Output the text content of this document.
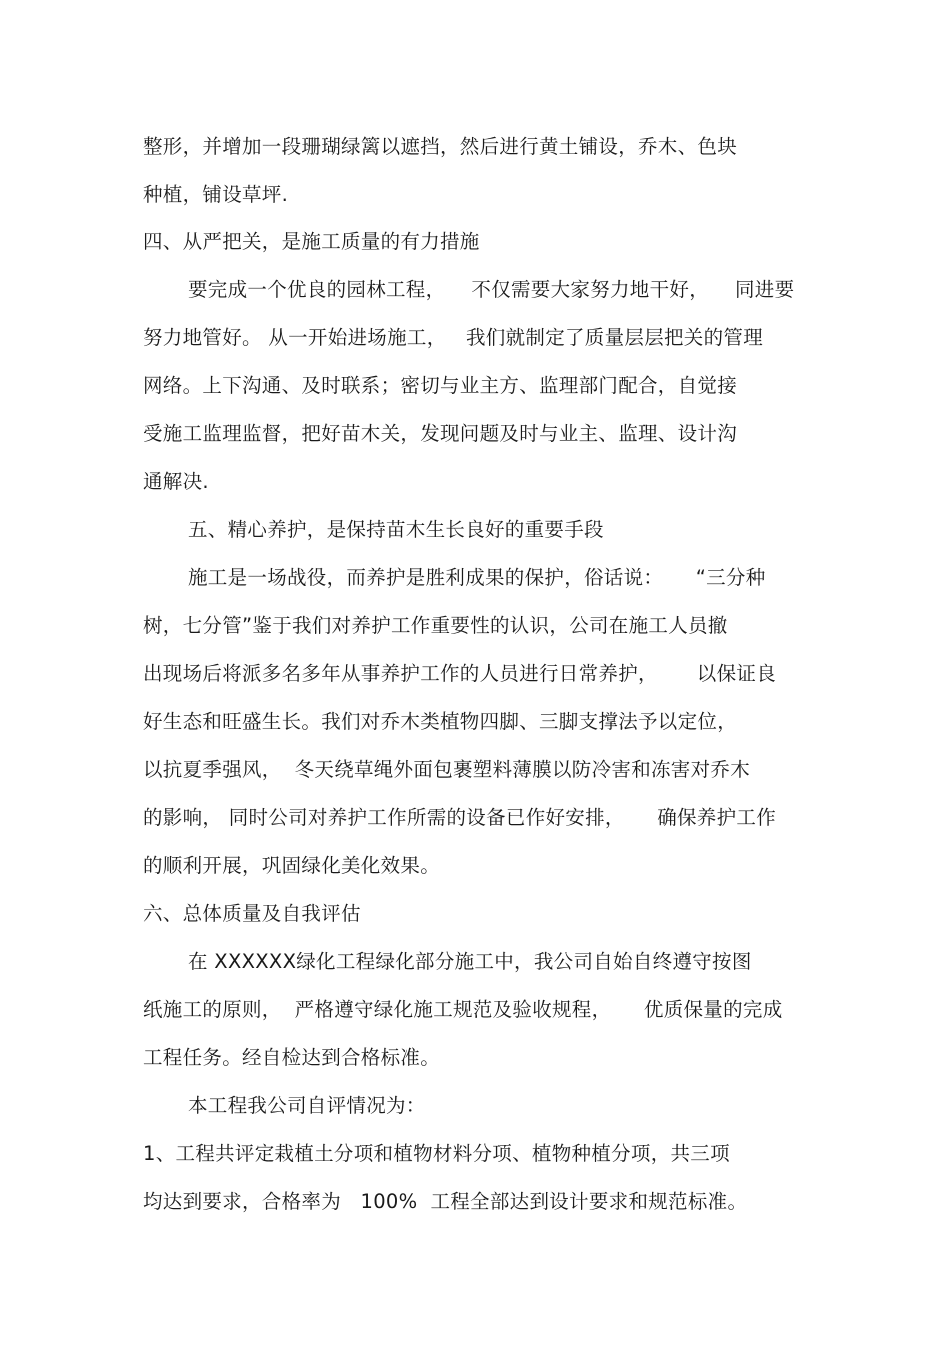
整形，并增加一段珊瑚绿篱以遮挡，然后进行黄土铺设，乔木、色块
种植，铺设草坪.
四、从严把关，是施工质量的有力措施
要完成一个优良的园林工程，    不仅需要大家努力地干好，    同进要
努力地管好。 从一开始进场施工，   我们就制定了质量层层把关的管理
网络。上下沟通、及时联系；密切与业主方、监理部门配合，自觉接
受施工监理监督，把好苗木关，发现问题及时与业主、监理、设计沟
通解决.
五、精心养护，是保持苗木生长良好的重要手段
施工是一场战役，而养护是胜利成果的保护，俗话说：     “三分种
树，七分管”鉴于我们对养护工作重要性的认识，公司在施工人员撤
出现场后将派多名多年从事养护工作的人员进行日常养护，      以保证良
好生态和旺盛生长。我们对乔木类植物四脚、三脚支撑法予以定位，
以抗夏季强风，  冬天绕草绳外面包裹塑料薄膜以防冷害和冻害对乔木
的影响， 同时公司对养护工作所需的设备已作好安排，     确保养护工作
的顺利开展，巩固绿化美化效果。
六、总体质量及自我评估
在 XXXXXX绿化工程绿化部分施工中，我公司自始自终遵守按图
纸施工的原则，  严格遵守绿化施工规范及验收规程，     优质保量的完成
工程任务。经自检达到合格标准。
本工程我公司自评情况为：
1、工程共评定栽植土分项和植物材料分项、植物种植分项，共三项
均达到要求，合格率为   100%  工程全部达到设计要求和规范标准。
